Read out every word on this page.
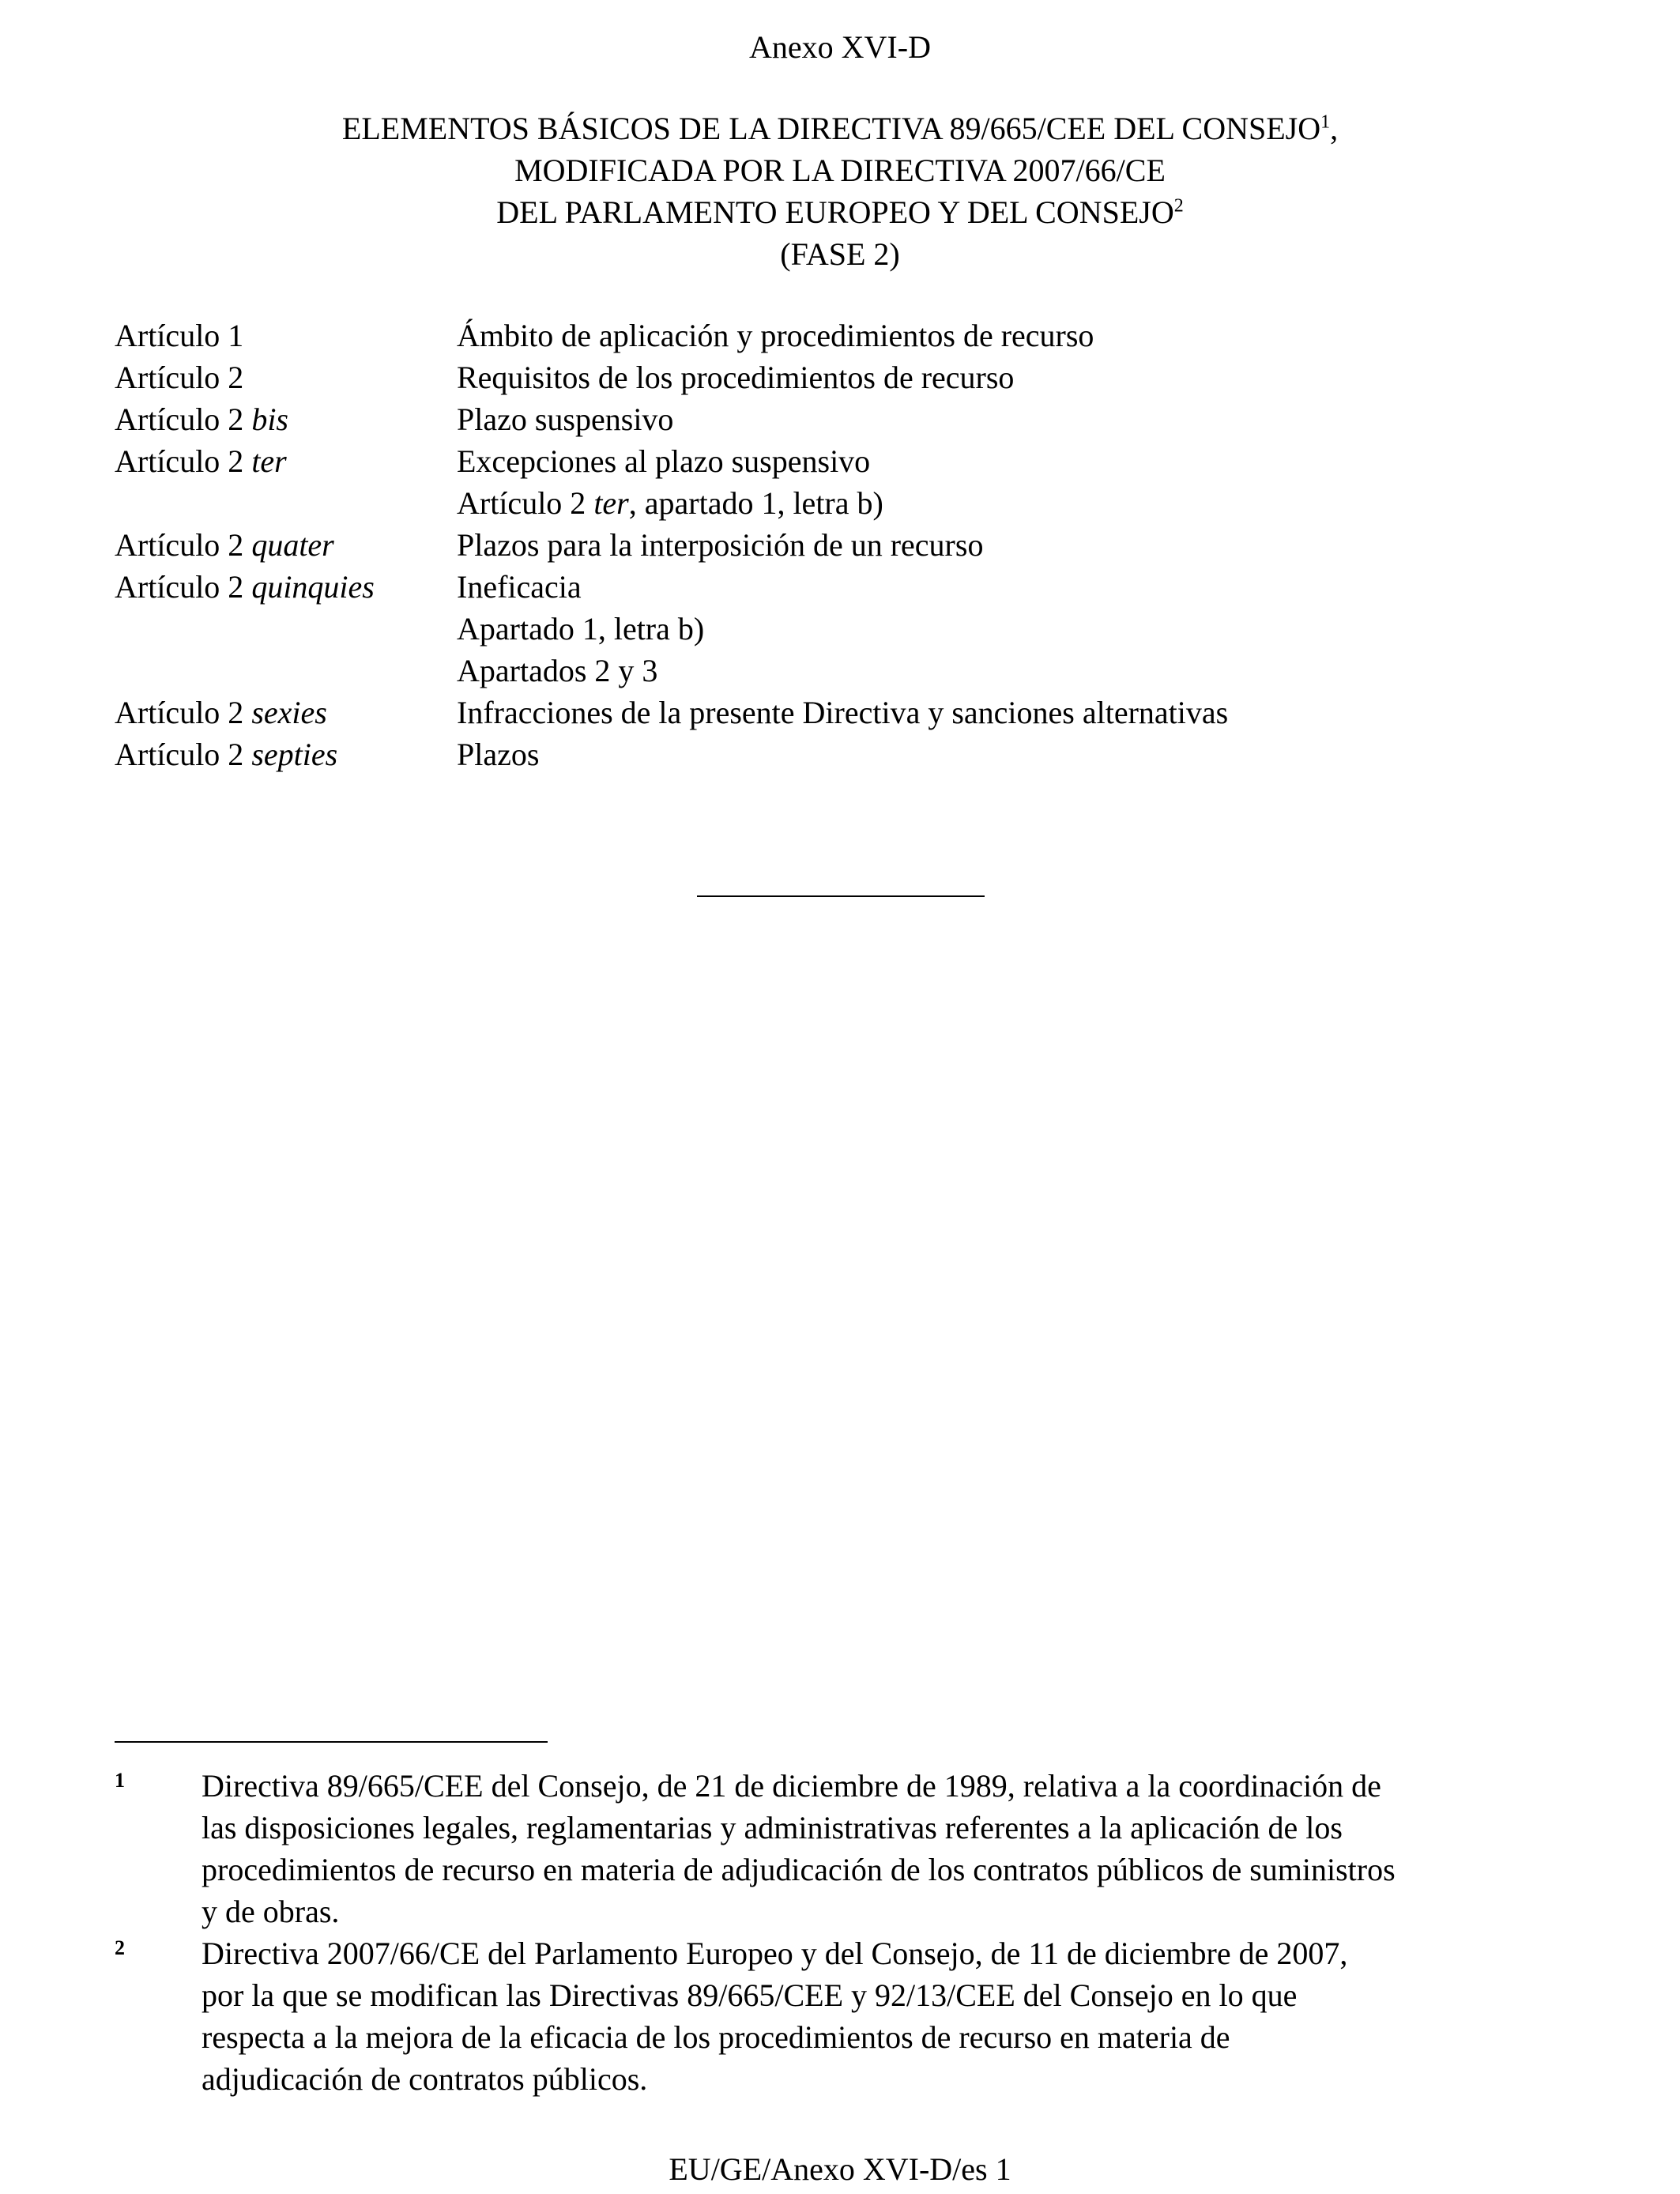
Anexo XVI-D
ELEMENTOS BÁSICOS DE LA DIRECTIVA 89/665/CEE DEL CONSEJO$^1$,
MODIFICADA POR LA DIRECTIVA 2007/66/CE
DEL PARLAMENTO EUROPEO Y DEL CONSEJO$^2$
(FASE 2)
Artículo 1	Ámbito de aplicación y procedimientos de recurso
Artículo 2	Requisitos de los procedimientos de recurso
Artículo 2 bis	Plazo suspensivo
Artículo 2 ter	Excepciones al plazo suspensivo
Artículo 2 ter, apartado 1, letra b)
Artículo 2 quater	Plazos para la interposición de un recurso
Artículo 2 quinquies	Ineficacia
Apartado 1, letra b)
Apartados 2 y 3
Artículo 2 sexies	Infracciones de la presente Directiva y sanciones alternativas
Artículo 2 septies	Plazos
1	Directiva 89/665/CEE del Consejo, de 21 de diciembre de 1989, relativa a la coordinación de
las disposiciones legales, reglamentarias y administrativas referentes a la aplicación de los
procedimientos de recurso en materia de adjudicación de los contratos públicos de suministros
y de obras.
2	Directiva 2007/66/CE del Parlamento Europeo y del Consejo, de 11 de diciembre de 2007,
por la que se modifican las Directivas 89/665/CEE y 92/13/CEE del Consejo en lo que
respecta a la mejora de la eficacia de los procedimientos de recurso en materia de
adjudicación de contratos públicos.
EU/GE/Anexo XVI-D/es 1
